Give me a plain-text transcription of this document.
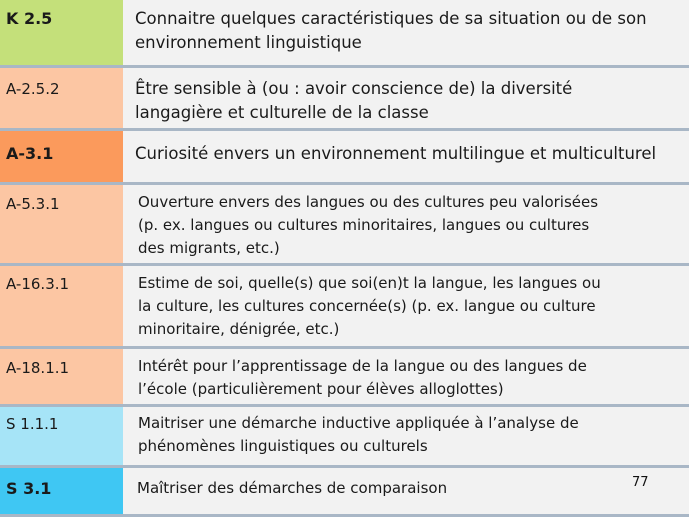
K 2.5	Connaitre quelques caractéristiques de sa situation ou de son
environnement linguistique
A-2.5.2	Être sensible à (ou : avoir conscience de) la diversité
langagière et culturelle de la classe
A-3.1	Curiosité envers un environnement multilingue et multiculturel
A-5.3.1	Ouverture envers des langues ou des cultures peu valorisées
(p. ex. langues ou cultures minoritaires, langues ou cultures
des migrants, etc.)
A-16.3.1	Estime de soi, quelle(s) que soi(en)t la langue, les langues ou
la culture, les cultures concernée(s) (p. ex. langue ou culture
minoritaire, dénigrée, etc.)
A-18.1.1	Intérêt pour l’apprentissage de la langue ou des langues de
l’école (particulièrement pour élèves alloglottes)
S 1.1.1	Maitriser une démarche inductive appliquée à l’analyse de
phénomènes linguistiques ou culturels
S 3.1	Maîtriser des démarches de comparaison	77
